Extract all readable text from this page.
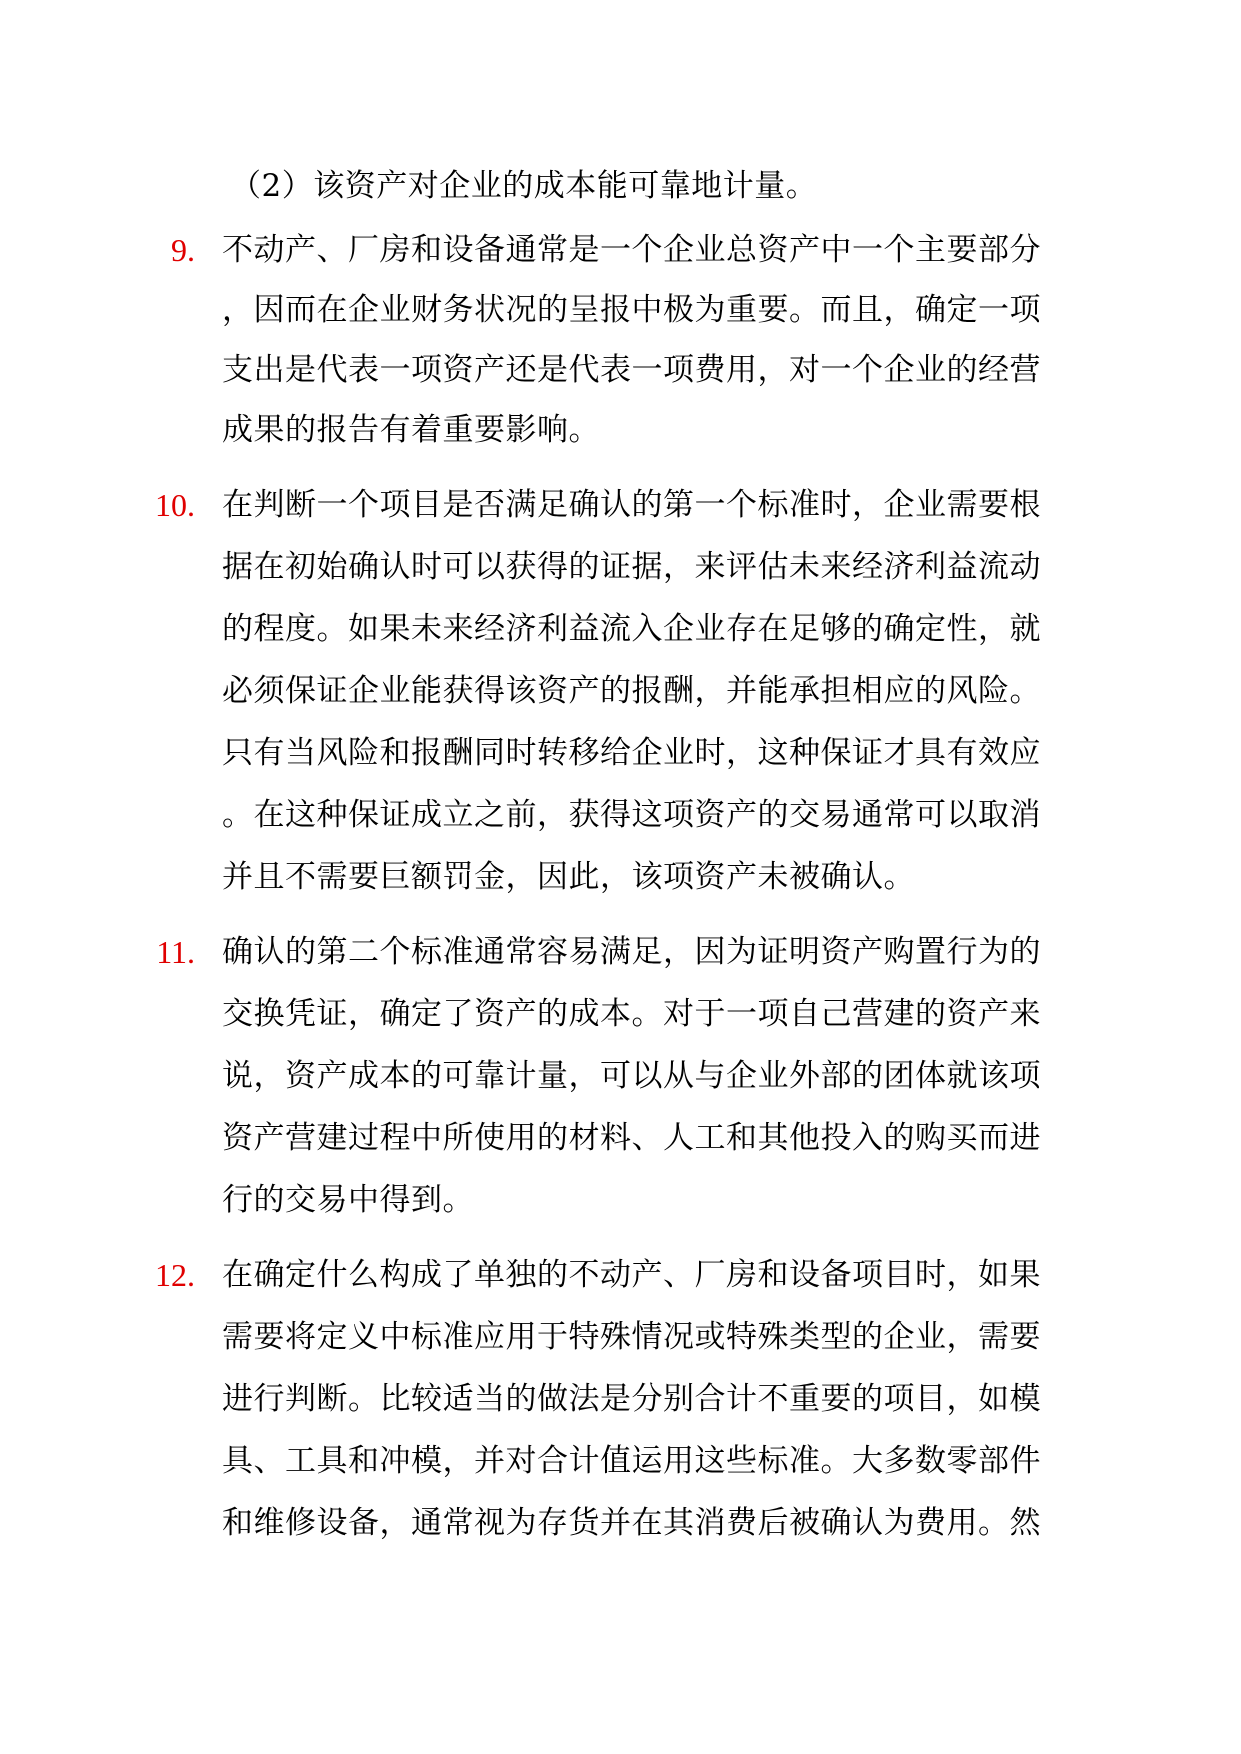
（2）该资产对企业的成本能可靠地计量。
9. 不动产、厂房和设备通常是一个企业总资产中一个主要部分
，因而在企业财务状况的呈报中极为重要。而且，确定一项
支出是代表一项资产还是代表一项费用，对一个企业的经营
成果的报告有着重要影响。
10. 在判断一个项目是否满足确认的第一个标准时，企业需要根
据在初始确认时可以获得的证据，来评估未来经济利益流动
的程度。如果未来经济利益流入企业存在足够的确定性，就
必须保证企业能获得该资产的报酬，并能承担相应的风险。
只有当风险和报酬同时转移给企业时，这种保证才具有效应
。在这种保证成立之前，获得这项资产的交易通常可以取消
并且不需要巨额罚金，因此，该项资产未被确认。
11. 确认的第二个标准通常容易满足，因为证明资产购置行为的
交换凭证，确定了资产的成本。对于一项自己营建的资产来
说，资产成本的可靠计量，可以从与企业外部的团体就该项
资产营建过程中所使用的材料、人工和其他投入的购买而进
行的交易中得到。
12. 在确定什么构成了单独的不动产、厂房和设备项目时，如果
需要将定义中标准应用于特殊情况或特殊类型的企业，需要
进行判断。比较适当的做法是分别合计不重要的项目，如模
具、工具和冲模，并对合计值运用这些标准。大多数零部件
和维修设备，通常视为存货并在其消费后被确认为费用。然
